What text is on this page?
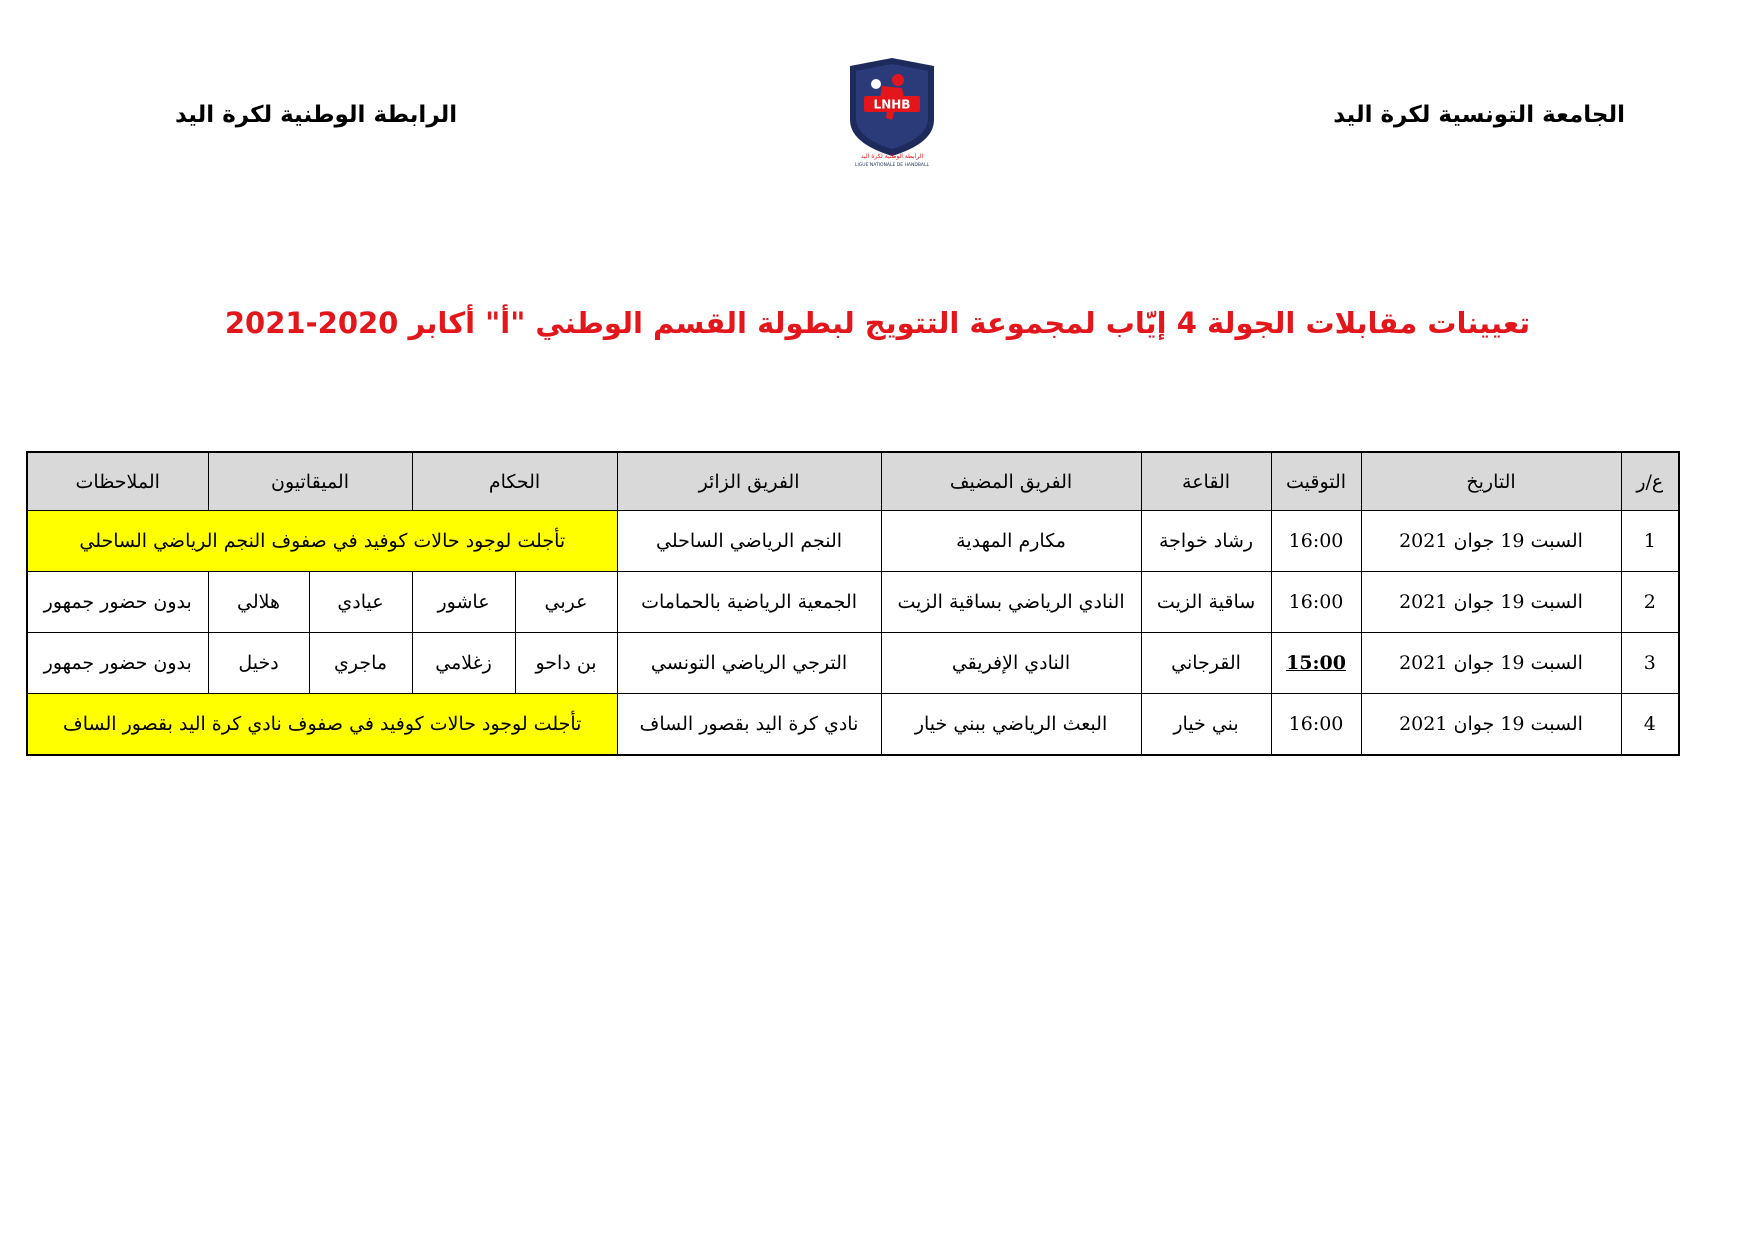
الجامعة التونسية لكرة اليد
الرابطة الوطنية لكرة اليد	LNHB
الرابطة الوطنية لكرة اليد
LIGUE NATIONALE DE HANDBALL
تعيينات مقابلات الجولة 4 إيّاب لمجموعة التتويج لبطولة القسم الوطني "أ" أكابر 2020-2021
ع/ر	التاريخ	التوقيت	القاعة	الفريق المضيف	الفريق الزائر	الحكام		الميقاتيون		الملاحظات
1	السبت 19 جوان 2021	16:00	رشاد خواجة	مكارم المهدية	النجم الرياضي الساحلي	تأجلت لوجود حالات كوفيد في صفوف النجم الرياضي الساحلي				
2	السبت 19 جوان 2021	16:00	ساقية الزيت	النادي الرياضي بساقية الزيت	الجمعية الرياضية بالحمامات	عربي	عاشور	عيادي	هلالي	بدون حضور جمهور
3	السبت 19 جوان 2021	15:00	القرجاني	النادي الإفريقي	الترجي الرياضي التونسي	بن داحو	زغلامي	ماجري	دخيل	بدون حضور جمهور
4	السبت 19 جوان 2021	16:00	بني خيار	البعث الرياضي ببني خيار	نادي كرة اليد بقصور الساف	تأجلت لوجود حالات كوفيد في صفوف نادي كرة اليد بقصور الساف				
